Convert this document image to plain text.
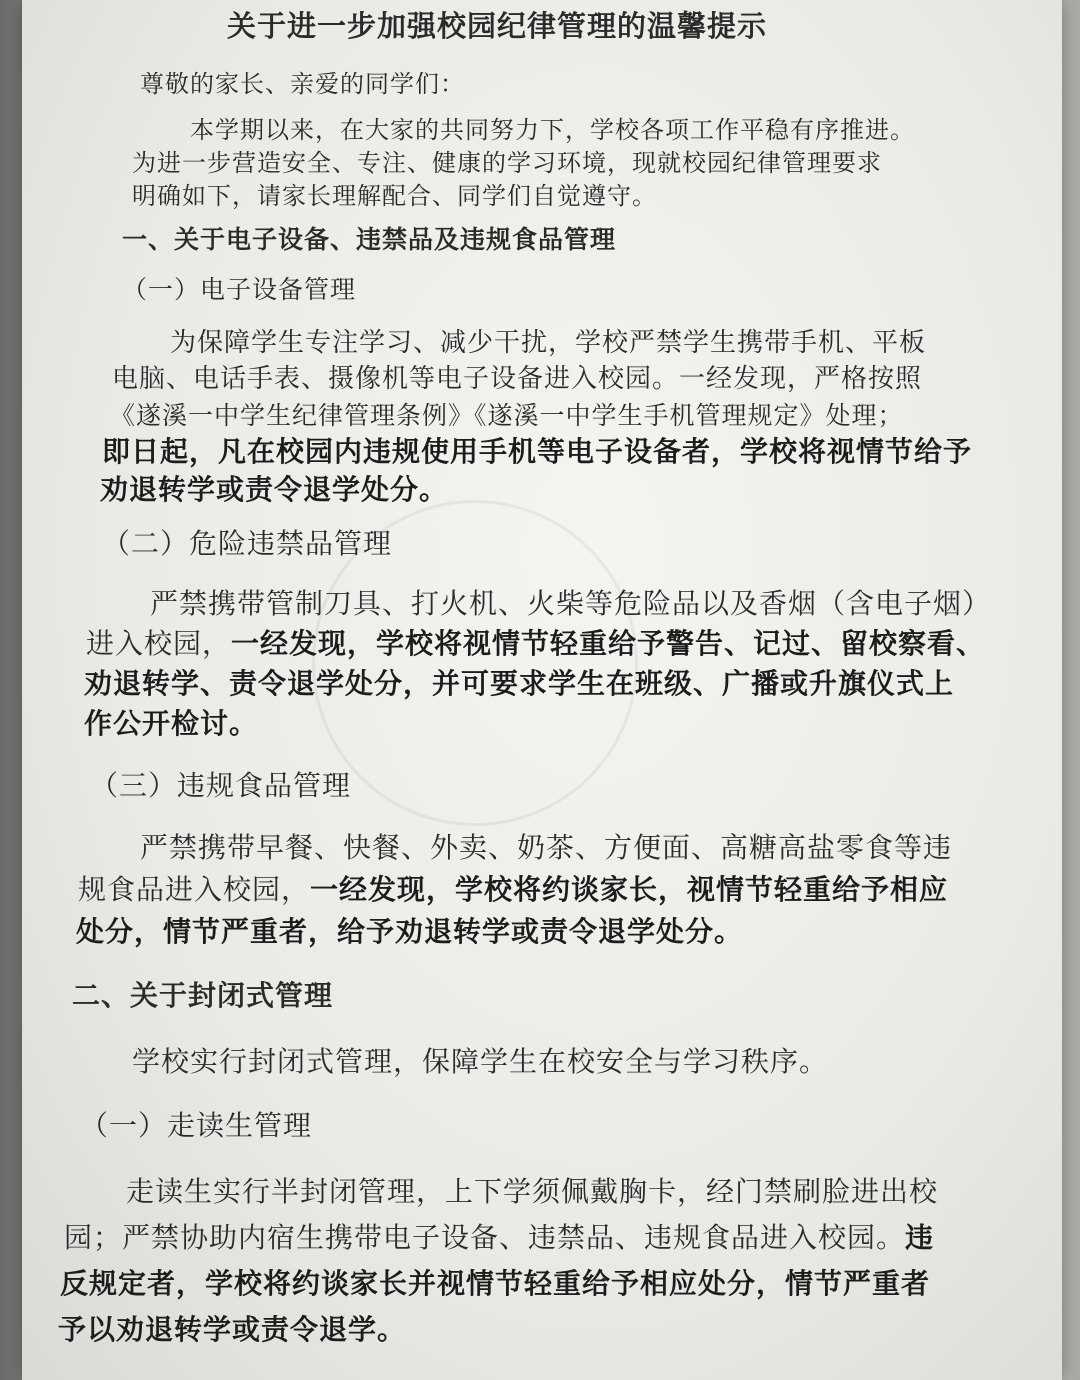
关于进一步加强校园纪律管理的温馨提示
尊敬的家长、亲爱的同学们：
本学期以来，在大家的共同努力下，学校各项工作平稳有序推进。
为进一步营造安全、专注、健康的学习环境，现就校园纪律管理要求
明确如下，请家长理解配合、同学们自觉遵守。
一、关于电子设备、违禁品及违规食品管理
（一）电子设备管理
为保障学生专注学习、减少干扰，学校严禁学生携带手机、平板
电脑、电话手表、摄像机等电子设备进入校园。一经发现，严格按照
《遂溪一中学生纪律管理条例》《遂溪一中学生手机管理规定》处理；
即日起，凡在校园内违规使用手机等电子设备者，学校将视情节给予
劝退转学或责令退学处分。
（二）危险违禁品管理
严禁携带管制刀具、打火机、火柴等危险品以及香烟（含电子烟）
进入校园，一经发现，学校将视情节轻重给予警告、记过、留校察看、
劝退转学、责令退学处分，并可要求学生在班级、广播或升旗仪式上
作公开检讨。
（三）违规食品管理
严禁携带早餐、快餐、外卖、奶茶、方便面、高糖高盐零食等违
规食品进入校园，一经发现，学校将约谈家长，视情节轻重给予相应
处分，情节严重者，给予劝退转学或责令退学处分。
二、关于封闭式管理
学校实行封闭式管理，保障学生在校安全与学习秩序。
（一）走读生管理
走读生实行半封闭管理，上下学须佩戴胸卡，经门禁刷脸进出校
园；严禁协助内宿生携带电子设备、违禁品、违规食品进入校园。违
反规定者，学校将约谈家长并视情节轻重给予相应处分，情节严重者
予以劝退转学或责令退学。
